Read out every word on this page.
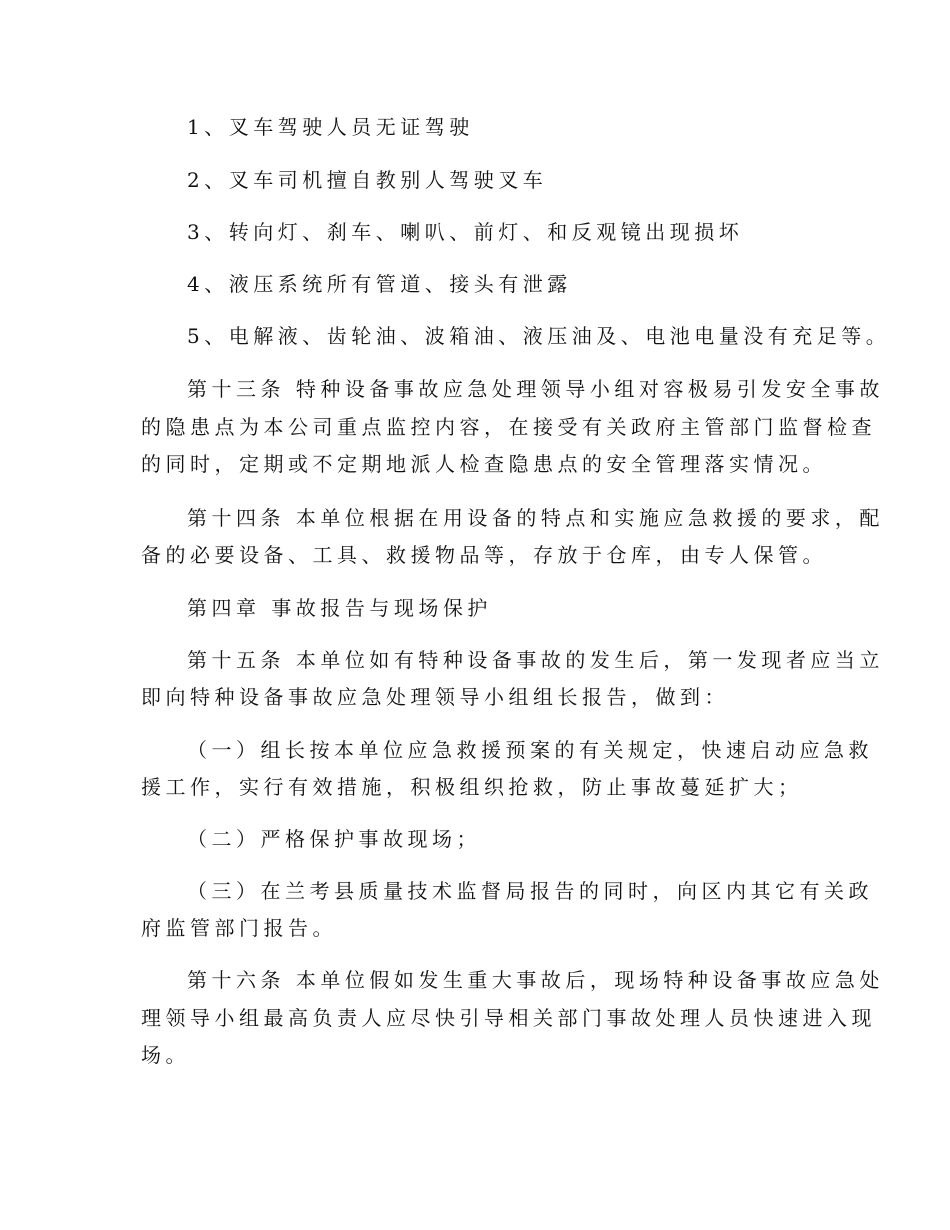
1、叉车驾驶人员无证驾驶
2、叉车司机擅自教别人驾驶叉车
3、转向灯、刹车、喇叭、前灯、和反观镜出现损坏
4、液压系统所有管道、接头有泄露
5、电解液、齿轮油、波箱油、液压油及、电池电量没有充足等。
第十三条 特种设备事故应急处理领导小组对容极易引发安全事故
的隐患点为本公司重点监控内容，在接受有关政府主管部门监督检查
的同时，定期或不定期地派人检查隐患点的安全管理落实情况。
第十四条 本单位根据在用设备的特点和实施应急救援的要求，配
备的必要设备、工具、救援物品等，存放于仓库，由专人保管。
第四章 事故报告与现场保护
第十五条 本单位如有特种设备事故的发生后，第一发现者应当立
即向特种设备事故应急处理领导小组组长报告，做到：
（一）组长按本单位应急救援预案的有关规定，快速启动应急救
援工作，实行有效措施，积极组织抢救，防止事故蔓延扩大；
（二）严格保护事故现场；
（三）在兰考县质量技术监督局报告的同时，向区内其它有关政
府监管部门报告。
第十六条 本单位假如发生重大事故后，现场特种设备事故应急处
理领导小组最高负责人应尽快引导相关部门事故处理人员快速进入现
场。
